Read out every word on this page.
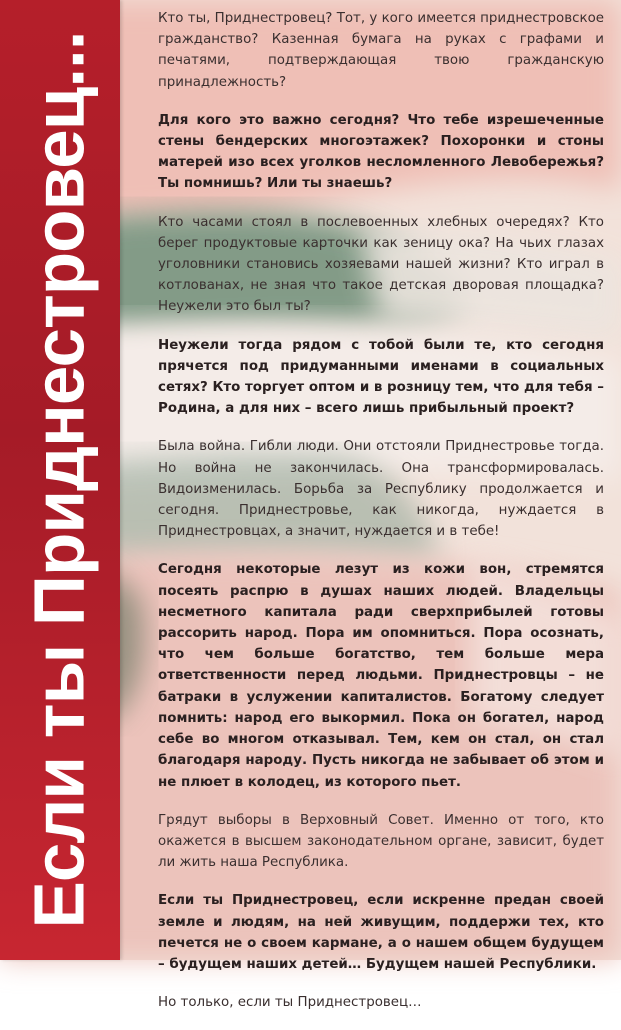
Если ты Приднестровец...

Кто ты, Приднестровец? Тот, у кого имеется приднестровское гражданство? Казенная бумага на руках с графами и печатями, подтверждающая твою гражданскую принадлежность?

Для кого это важно сегодня? Что тебе изрешеченные стены бендерских многоэтажек? Похоронки и стоны матерей изо всех уголков несломленного Левобережья? Ты помнишь? Или ты знаешь?

Кто часами стоял в послевоенных хлебных очередях? Кто берег продуктовые карточки как зеницу ока? На чьих глазах уголовники становись хозяевами нашей жизни? Кто играл в котлованах, не зная что такое детская дворовая площадка? Неужели это был ты?

Неужели тогда рядом с тобой были те, кто сегодня прячется под придуманными именами в социальных сетях? Кто торгует оптом и в розницу тем, что для тебя – Родина, а для них – всего лишь прибыльный проект?

Была война. Гибли люди. Они отстояли Приднестровье тогда. Но война не закончилась. Она трансформировалась. Видоизменилась. Борьба за Республику продолжается и сегодня. Приднестровье, как никогда, нуждается в Приднестровцах, а значит, нуждается и в тебе!

Сегодня некоторые лезут из кожи вон, стремятся посеять распрю в душах наших людей. Владельцы несметного капитала ради сверхприбылей готовы рассорить народ. Пора им опомниться. Пора осознать, что чем больше богатство, тем больше мера ответственности перед людьми. Приднестровцы – не батраки в услужении капиталистов. Богатому следует помнить: народ его выкормил. Пока он богател, народ себе во многом отказывал. Тем, кем он стал, он стал благодаря народу. Пусть никогда не забывает об этом и не плюет в колодец, из которого пьет.

Грядут выборы в Верховный Совет. Именно от того, кто окажется в высшем законодательном органе, зависит, будет ли жить наша Республика.

Если ты Приднестровец, если искренне предан своей земле и людям, на ней живущим, поддержи тех, кто печется не о своем кармане, а о нашем общем будущем – будущем наших детей… Будущем нашей Республики.

Но только, если ты Приднестровец…
